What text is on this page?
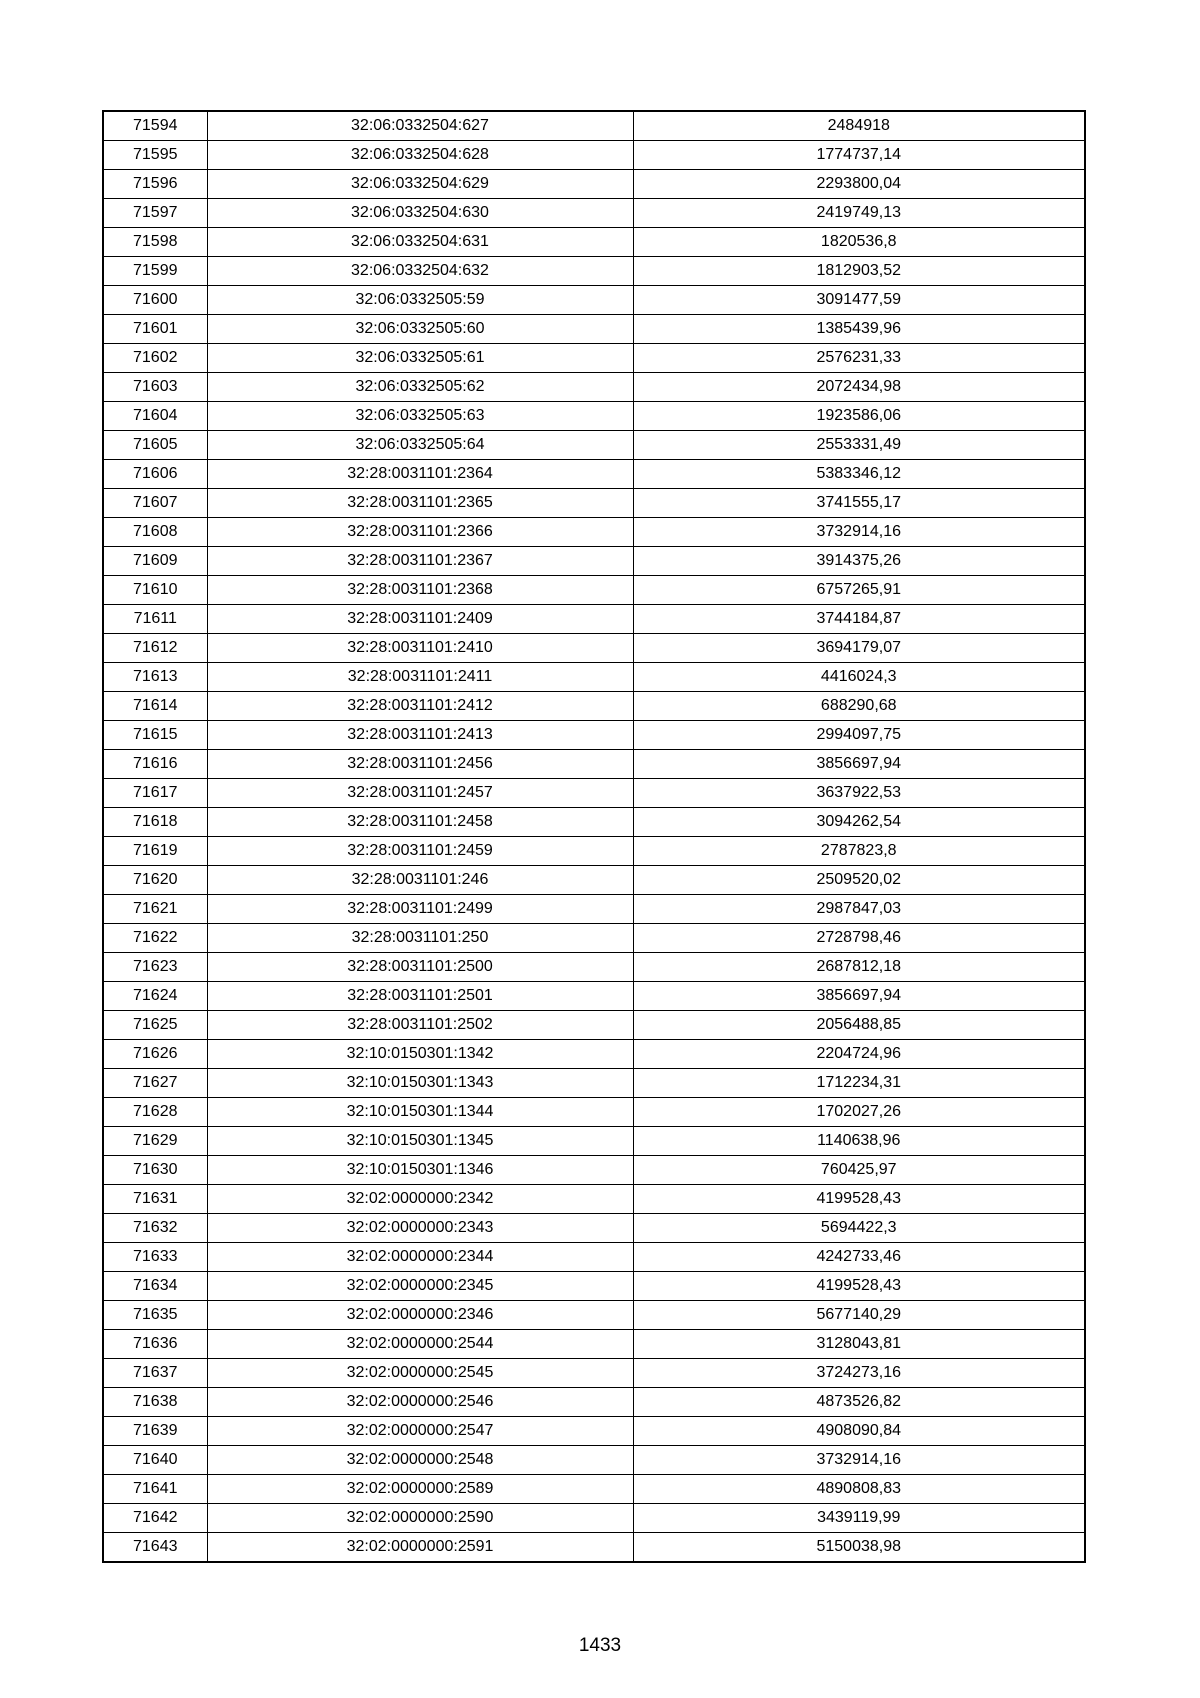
71594	32:06:0332504:627	2484918
71595	32:06:0332504:628	1774737,14
71596	32:06:0332504:629	2293800,04
71597	32:06:0332504:630	2419749,13
71598	32:06:0332504:631	1820536,8
71599	32:06:0332504:632	1812903,52
71600	32:06:0332505:59	3091477,59
71601	32:06:0332505:60	1385439,96
71602	32:06:0332505:61	2576231,33
71603	32:06:0332505:62	2072434,98
71604	32:06:0332505:63	1923586,06
71605	32:06:0332505:64	2553331,49
71606	32:28:0031101:2364	5383346,12
71607	32:28:0031101:2365	3741555,17
71608	32:28:0031101:2366	3732914,16
71609	32:28:0031101:2367	3914375,26
71610	32:28:0031101:2368	6757265,91
71611	32:28:0031101:2409	3744184,87
71612	32:28:0031101:2410	3694179,07
71613	32:28:0031101:2411	4416024,3
71614	32:28:0031101:2412	688290,68
71615	32:28:0031101:2413	2994097,75
71616	32:28:0031101:2456	3856697,94
71617	32:28:0031101:2457	3637922,53
71618	32:28:0031101:2458	3094262,54
71619	32:28:0031101:2459	2787823,8
71620	32:28:0031101:246	2509520,02
71621	32:28:0031101:2499	2987847,03
71622	32:28:0031101:250	2728798,46
71623	32:28:0031101:2500	2687812,18
71624	32:28:0031101:2501	3856697,94
71625	32:28:0031101:2502	2056488,85
71626	32:10:0150301:1342	2204724,96
71627	32:10:0150301:1343	1712234,31
71628	32:10:0150301:1344	1702027,26
71629	32:10:0150301:1345	1140638,96
71630	32:10:0150301:1346	760425,97
71631	32:02:0000000:2342	4199528,43
71632	32:02:0000000:2343	5694422,3
71633	32:02:0000000:2344	4242733,46
71634	32:02:0000000:2345	4199528,43
71635	32:02:0000000:2346	5677140,29
71636	32:02:0000000:2544	3128043,81
71637	32:02:0000000:2545	3724273,16
71638	32:02:0000000:2546	4873526,82
71639	32:02:0000000:2547	4908090,84
71640	32:02:0000000:2548	3732914,16
71641	32:02:0000000:2589	4890808,83
71642	32:02:0000000:2590	3439119,99
71643	32:02:0000000:2591	5150038,98
1433
